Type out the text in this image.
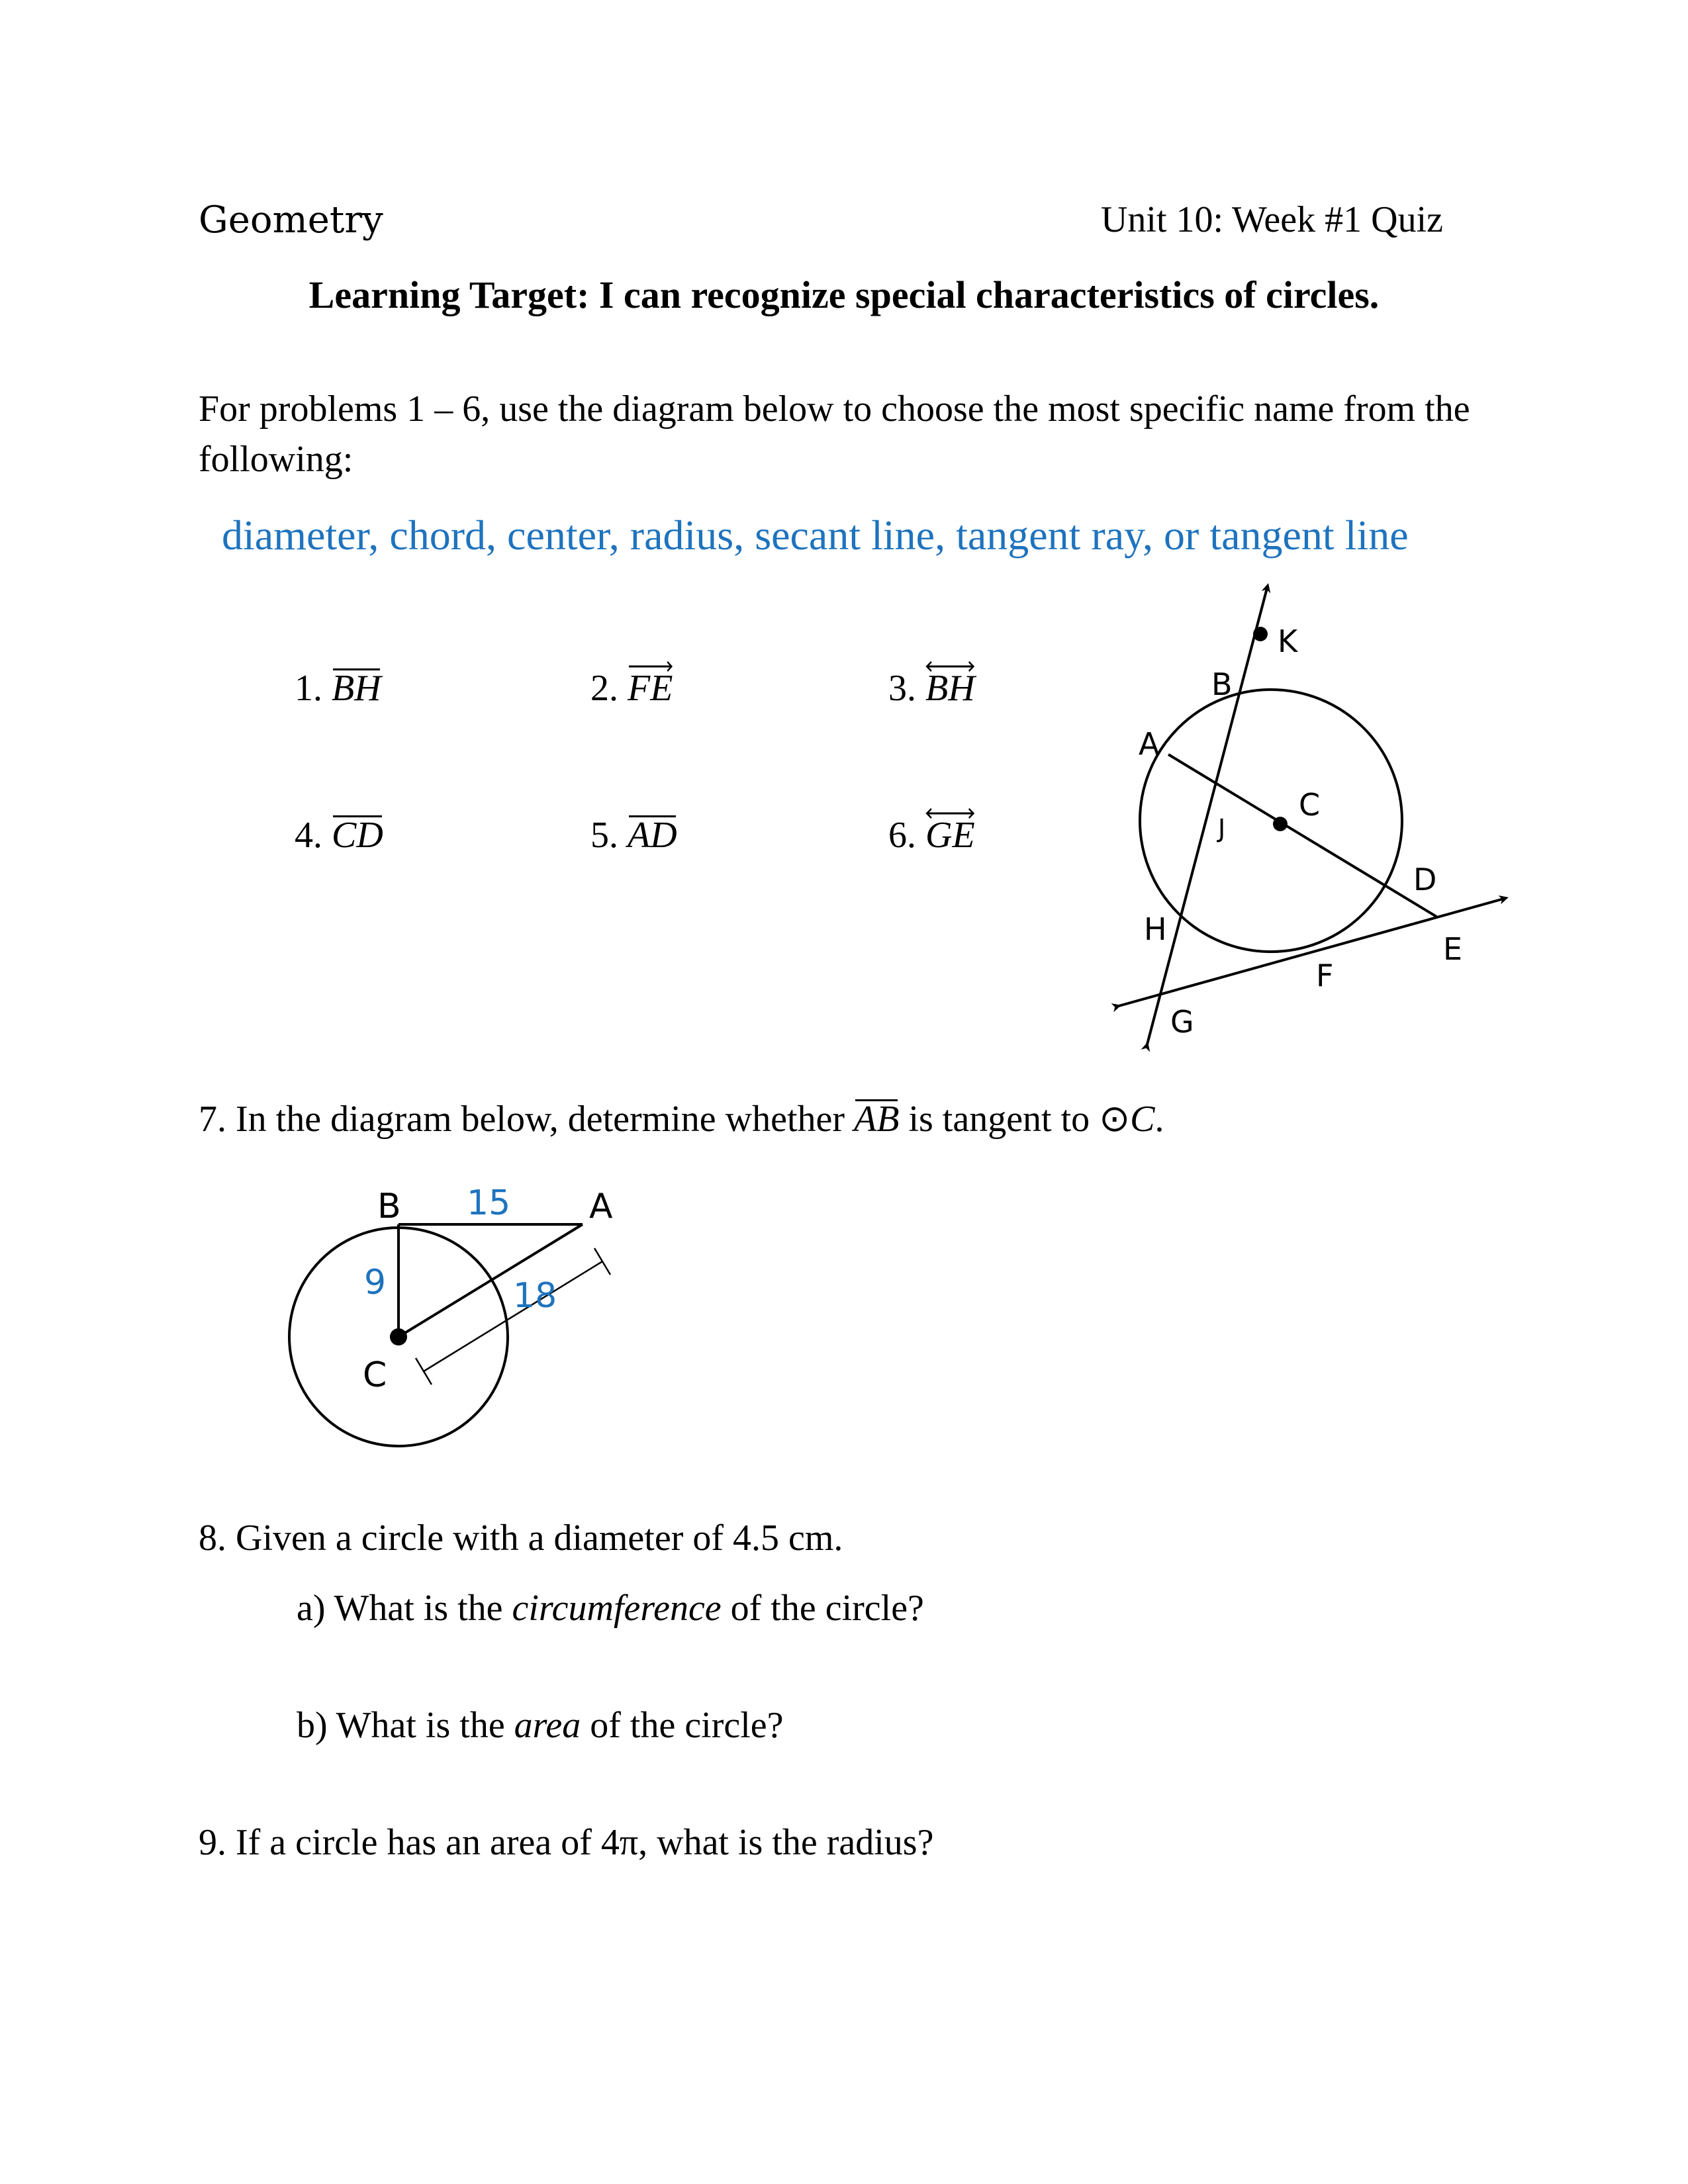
Geometry	Unit 10: Week #1 Quiz
Learning Target: I can recognize special characteristics of circles.
For problems 1 – 6, use the diagram below to choose the most specific name from the following:
diameter, chord, center, radius, secant line, tangent ray, or tangent line
1. BH	2. FE	3. BH
4. CD	5. AD	6. GE
K
B
A
C
J
D
H
E
F
G
7. In the diagram below, determine whether AB is tangent to ⊙C.
B	A
C
15
9	18
8. Given a circle with a diameter of 4.5 cm.
a) What is the circumference of the circle?
b) What is the area of the circle?
9. If a circle has an area of 4π, what is the radius?
